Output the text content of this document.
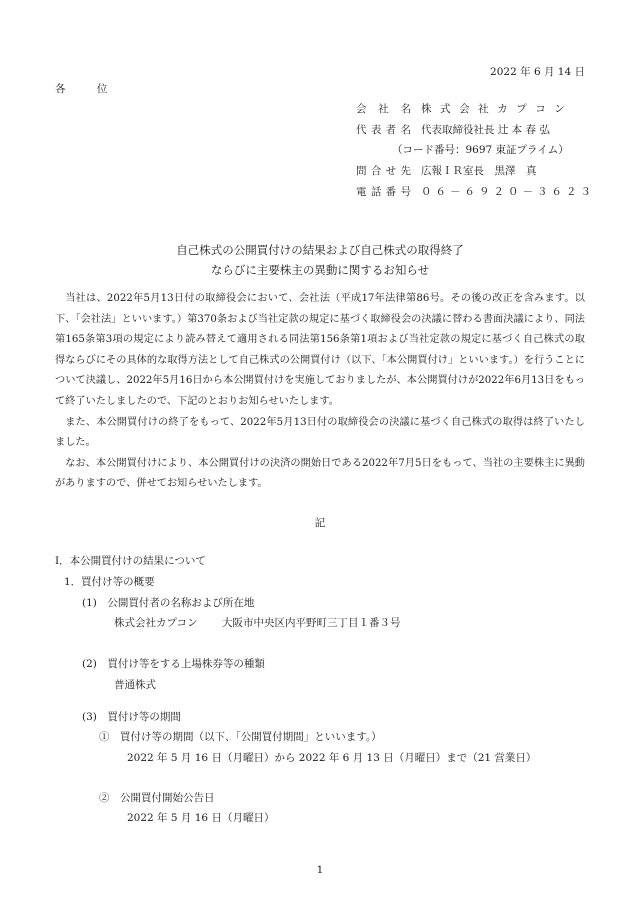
2022 年 6 月 14 日
各 位
会 社 名 株 式 会 社 カ プ コ ン
代 表 者 名 代表取締役社長 辻 本 春 弘
（コード番号：9697 東証プライム）
問 合 せ 先 広報ＩＲ室長　黒澤　真
電 話 番 号 ０６－６９２０－３６２３
自己株式の公開買付けの結果および自己株式の取得終了
ならびに主要株主の異動に関するお知らせ

当社は、2022年5月13日付の取締役会において、会社法（平成17年法律第86号。その後の改正を含みます。以下、「会社法」といいます。）第370条および当社定款の規定に基づく取締役会の決議に替わる書面決議により、同法第165条第3項の規定により読み替えて適用される同法第156条第1項および当社定款の規定に基づく自己株式の取得ならびにその具体的な取得方法として自己株式の公開買付け（以下、「本公開買付け」といいます。）を行うことについて決議し、2022年5月16日から本公開買付けを実施しておりましたが、本公開買付けが2022年6月13日をもって終了いたしましたので、下記のとおりお知らせいたします。

また、本公開買付けの終了をもって、2022年5月13日付の取締役会の決議に基づく自己株式の取得は終了いたしました。

なお、本公開買付けにより、本公開買付けの決済の開始日である2022年7月5日をもって、当社の主要株主に異動がありますので、併せてお知らせいたします。

記
Ⅰ．本公開買付けの結果について
1．買付け等の概要
(1)　公開買付者の名称および所在地
株式会社カプコン 大阪市中央区内平野町三丁目１番３号
(2)　買付け等をする上場株券等の種類
普通株式
(3)　買付け等の期間
①　買付け等の期間（以下、「公開買付期間」といいます。）
2022 年 5 月 16 日（月曜日）から 2022 年 6 月 13 日（月曜日）まで（21 営業日）
②　公開買付開始公告日
2022 年 5 月 16 日（月曜日）
1
